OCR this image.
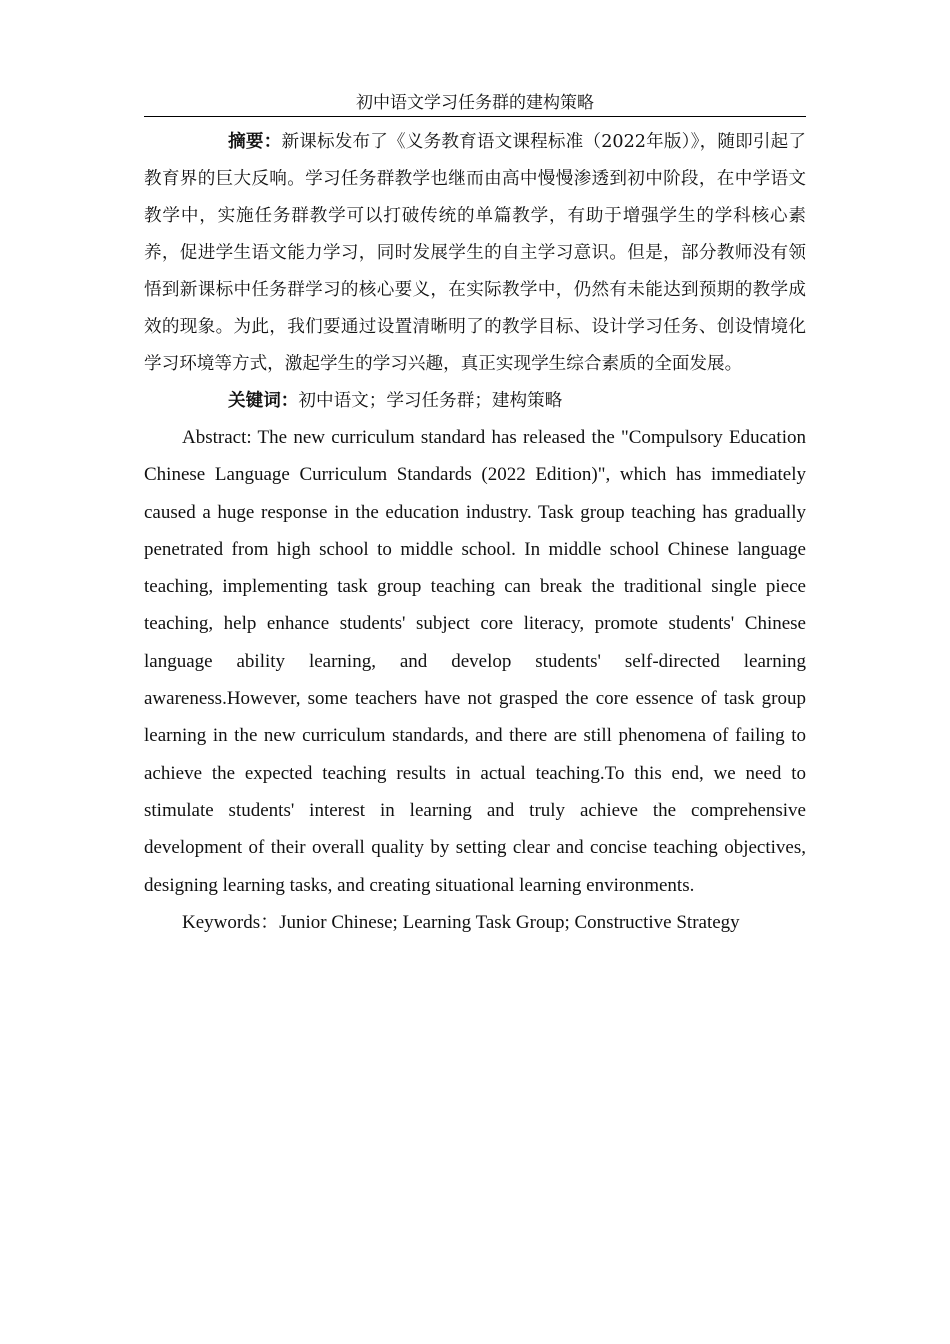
初中语文学习任务群的建构策略

摘要：新课标发布了《义务教育语文课程标准（2022年版）》，随即引起了教育界的巨大反响。学习任务群教学也继而由高中慢慢渗透到初中阶段，在中学语文教学中，实施任务群教学可以打破传统的单篇教学，有助于增强学生的学科核心素养，促进学生语文能力学习，同时发展学生的自主学习意识。但是，部分教师没有领悟到新课标中任务群学习的核心要义，在实际教学中，仍然有未能达到预期的教学成效的现象。为此，我们要通过设置清晰明了的教学目标、设计学习任务、创设情境化学习环境等方式，激起学生的学习兴趣，真正实现学生综合素质的全面发展。

关键词：初中语文；学习任务群；建构策略

Abstract: The new curriculum standard has released the "Compulsory Education Chinese Language Curriculum Standards (2022 Edition)", which has immediately caused a huge response in the education industry. Task group teaching has gradually penetrated from high school to middle school. In middle school Chinese language teaching, implementing task group teaching can break the traditional single piece teaching, help enhance students' subject core literacy, promote students' Chinese language ability learning, and develop students' self-directed learning awareness.However, some teachers have not grasped the core essence of task group learning in the new curriculum standards, and there are still phenomena of failing to achieve the expected teaching results in actual teaching.To this end, we need to stimulate students' interest in learning and truly achieve the comprehensive development of their overall quality by setting clear and concise teaching objectives, designing learning tasks, and creating situational learning environments.

Keywords：Junior Chinese; Learning Task Group; Constructive Strategy
